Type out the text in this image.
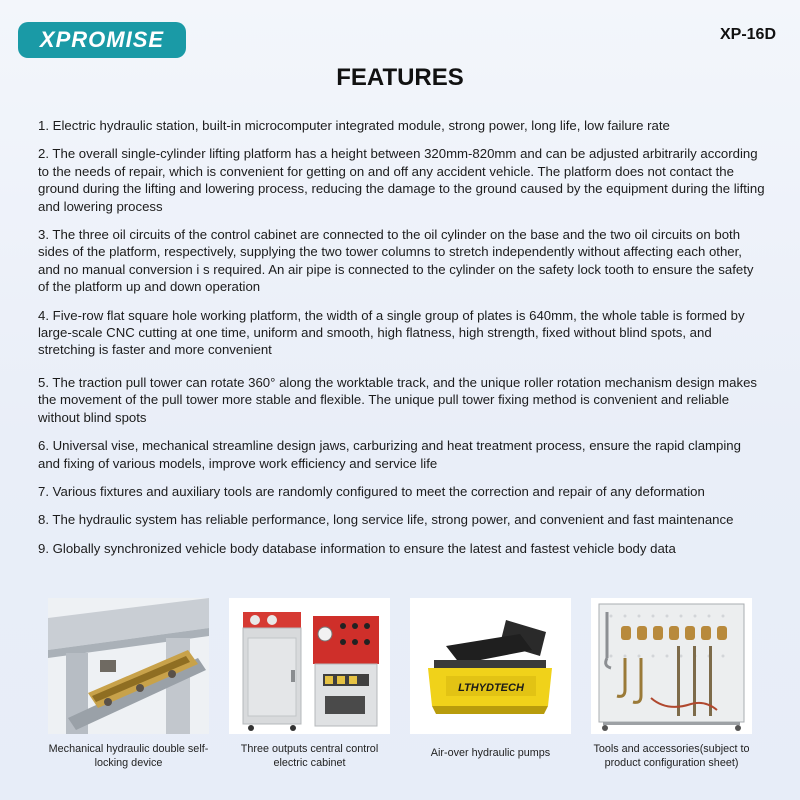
XPROMISE	XP-16D
FEATURES

1. Electric hydraulic station, built-in microcomputer integrated module, strong power, long life, low failure rate

2. The overall single-cylinder lifting platform has a height between 320mm-820mm and can be adjusted arbitrarily according to the needs of repair, which is convenient for getting on and off any accident vehicle. The platform does not contact the ground during the lifting and lowering process, reducing the damage to the ground caused by the equipment during the lifting and lowering process

3. The three oil circuits of the control cabinet are connected to the oil cylinder on the base and the two oil circuits on both sides of the platform, respectively, supplying the two tower columns to stretch independently without affecting each other, and no manual conversion i s required. An air pipe is connected to the cylinder on the safety lock tooth to ensure the safety of the platform up and down operation

4. Five-row flat square hole working platform, the width of a single group of plates is 640mm, the whole table is formed by large-scale CNC cutting at one time, uniform and smooth, high flatness, high strength, fixed without blind spots, and stretching is faster and more convenient

5. The traction pull tower can rotate 360° along the worktable track, and the unique roller rotation mechanism design makes the movement of the pull tower more stable and flexible. The unique pull tower fixing method is convenient and reliable without blind spots

6. Universal vise, mechanical streamline design jaws, carburizing and heat treatment process, ensure the rapid clamping and fixing of various models, improve work efficiency and service life

7. Various fixtures and auxiliary tools are randomly configured to meet the correction and repair of any deformation

8. The hydraulic system has reliable performance, long service life, strong power, and convenient and fast maintenance

9. Globally synchronized vehicle body database information to ensure the latest and fastest vehicle body data

Mechanical hydraulic double self-locking device
Three outputs central control electric cabinet
LTHYDTECH
Air-over hydraulic pumps	Tools and accessories(subject to product configuration sheet)
